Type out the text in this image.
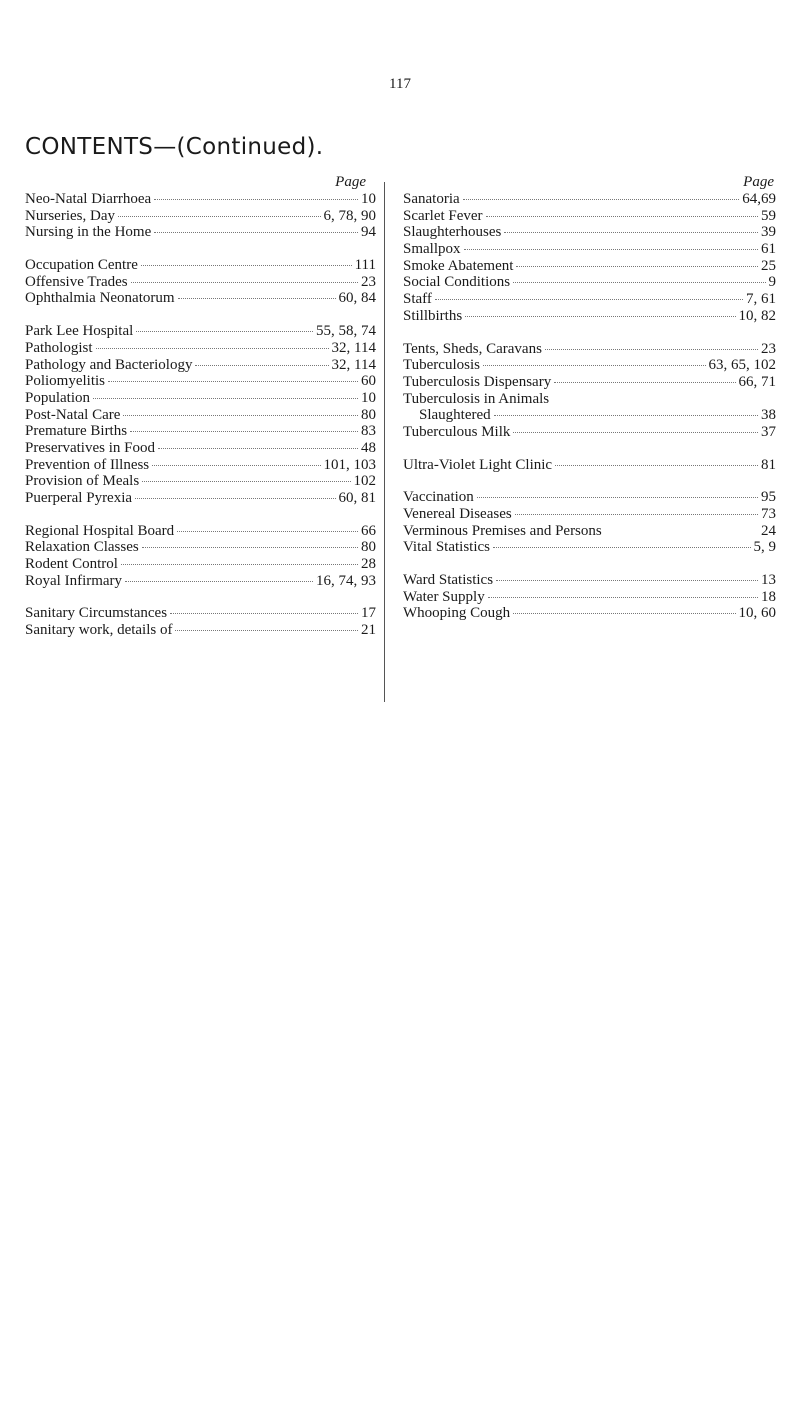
117
CONTENTS—(Continued).
Page
Neo-Natal Diarrhoea	10
Nurseries, Day	6, 78, 90
Nursing in the Home	94
Occupation Centre	111
Offensive Trades	23
Ophthalmia Neonatorum	60, 84
Park Lee Hospital	55, 58, 74
Pathologist	32, 114
Pathology and Bacteriology	32, 114
Poliomyelitis	60
Population	10
Post-Natal Care	80
Premature Births	83
Preservatives in Food	48
Prevention of Illness	101, 103
Provision of Meals	102
Puerperal Pyrexia	60, 81
Regional Hospital Board	66
Relaxation Classes	80
Rodent Control	28
Royal Infirmary	16, 74, 93
Sanitary Circumstances	17
Sanitary work, details of	21
Page
Sanatoria	64,69
Scarlet Fever	59
Slaughterhouses	39
Smallpox	61
Smoke Abatement	25
Social Conditions	9
Staff	7, 61
Stillbirths	10, 82
Tents, Sheds, Caravans	23
Tuberculosis	63, 65, 102
Tuberculosis Dispensary	66, 71
Tuberculosis in Animals
Slaughtered	38
Tuberculous Milk	37
Ultra-Violet Light Clinic	81
Vaccination	95
Venereal Diseases	73
Verminous Premises and Persons	24
Vital Statistics	5, 9
Ward Statistics	13
Water Supply	18
Whooping Cough	10, 60
